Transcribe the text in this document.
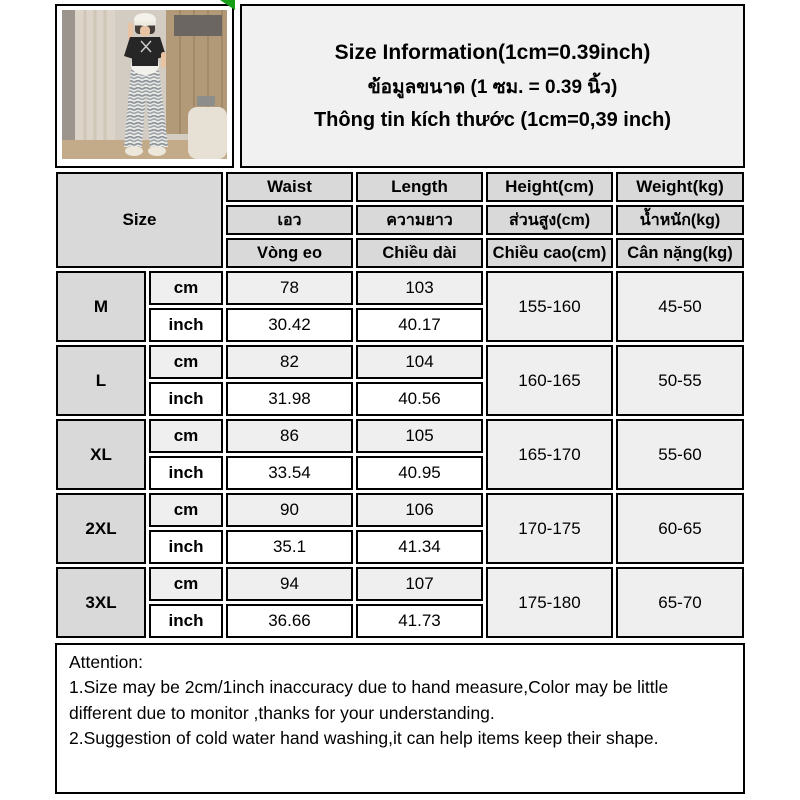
Size Information(1cm=0.39inch)
ข้อมูลขนาด (1 ซม. = 0.39 นิ้ว)
Thông tin kích thước (1cm=0,39 inch)
Size		Waist	Length	Height(cm)	Weight(kg)
		เอว	ความยาว	ส่วนสูง(cm)	น้ำหนัก(kg)
		Vòng eo	Chiều dài	Chiều cao(cm)	Cân nặng(kg)
M	cm	78	103	155-160	45-50
	inch	30.42	40.17		
L	cm	82	104	160-165	50-55
	inch	31.98	40.56		
XL	cm	86	105	165-170	55-60
	inch	33.54	40.95		
2XL	cm	90	106	170-175	60-65
	inch	35.1	41.34		
3XL	cm	94	107	175-180	65-70
	inch	36.66	41.73		
Attention:
1.Size may be 2cm/1inch inaccuracy due to hand measure,Color may be little different due to monitor ,thanks for your understanding.
2.Suggestion of cold water hand washing,it can help items keep their shape.
